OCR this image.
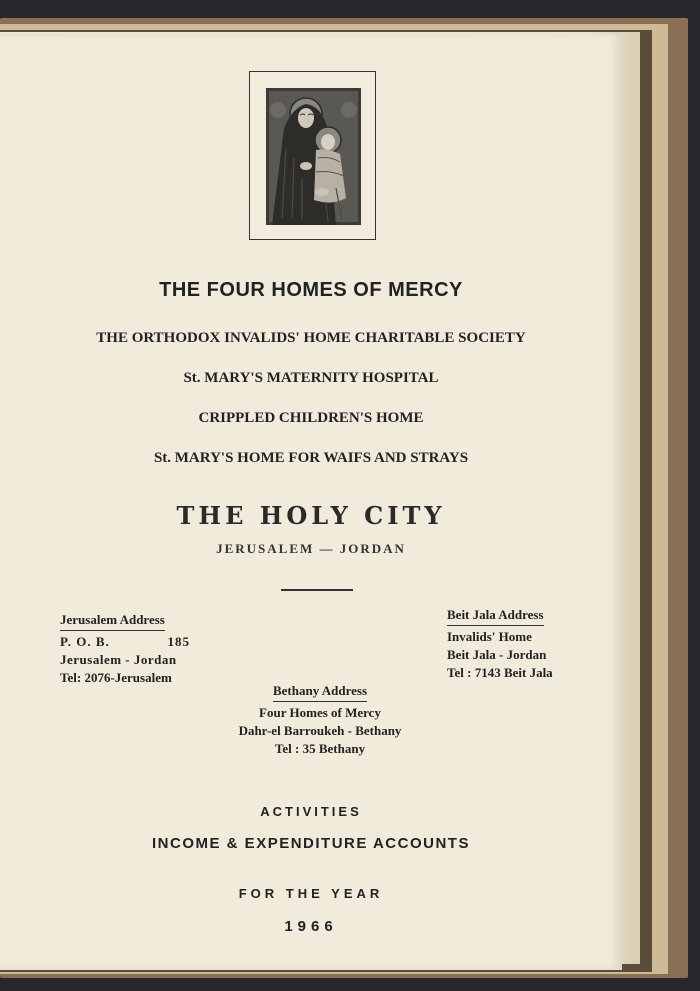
THE FOUR HOMES OF MERCY
THE ORTHODOX INVALIDS' HOME CHARITABLE SOCIETY
St. MARY'S MATERNITY HOSPITAL
CRIPPLED CHILDREN'S HOME
St. MARY'S HOME FOR WAIFS AND STRAYS
THE HOLY CITY
JERUSALEM — JORDAN
Jerusalem Address
P. O. B.	185
Jerusalem - Jordan
Tel: 2076-Jerusalem
Beit Jala Address
Invalids' Home
Beit Jala - Jordan
Tel : 7143 Beit Jala
Bethany Address
Four Homes of Mercy
Dahr-el Barroukeh - Bethany
Tel : 35 Bethany
ACTIVITIES
INCOME & EXPENDITURE ACCOUNTS
FOR THE YEAR
1966
